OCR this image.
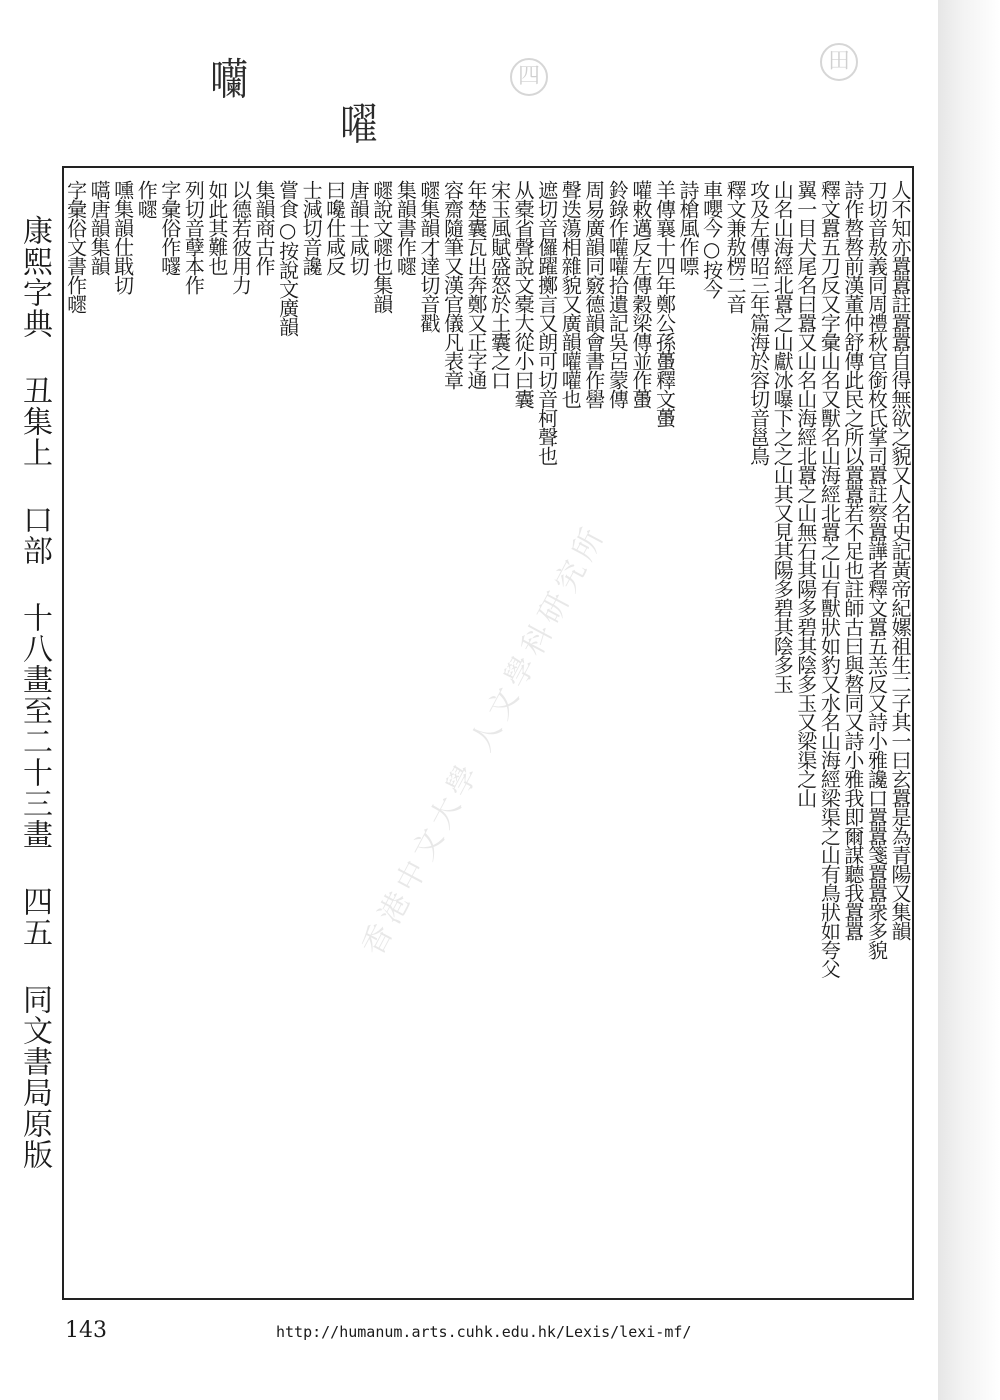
囒
嚁
四
田
康熙字典 丑集上 口部 十八畫至二十三畫 四五 同文書局原版	人不知亦囂囂註囂囂自得無欲之貌又人名史記黃帝紀嫘祖生二子其一曰玄囂是為青陽又集韻
刀切音敖義同周禮秋官銜枚氏掌司囂註察囂譁者釋文囂五羔反又詩小雅讒口囂囂箋囂囂衆多貌
詩作嗸嗸前漢董仲舒傳此民之所以囂囂若不足也註師古曰與嗸同又詩小雅我即爾謀聽我囂囂
釋文囂五刀反又字彙山名又獸名山海經北囂之山有獸狀如豹又水名山海經梁渠之山有鳥狀如夸父
翼一目犬尾名曰囂又山名山海經北囂之山無石其陽多碧其陰多玉又梁渠之山
山名山海經北囂之山獻冰嚗下之之山其又見其陽多碧其陰多玉
攻及左傳昭三年篇海於容切音邕鳥
釋文兼敖楞二音
車嚶今○按今
詩槍風作嘌
羊傳襄十四年鄭公孫蠆釋文蠆
嚾敕邁反左傳穀梁傳並作蠆
鈴錄作嚾嚾拾遺記吳呂蒙傳
周易廣韻同竅德韻會書作嚳
聲迭蕩相雜貌又廣韻嚾嚾也
遮切音儸躍擲言又朗可切音柯聲也
从橐省聲說文橐大從小曰囊
宋玉風賦盛怒於土囊之口
年楚囊瓦出奔鄭又正字通
容齋隨筆又漢官儀凡表章
嚃集韻才達切音戳
集韻書作嚃
嚃說文嚃也集韻
唐韻士咸切
曰嚵仕咸反
士減切音讒
嘗食○按說文廣韻
集韻商古作
以德若彼用力
如此其難也
列切音孽本作
字彙俗作嚺
作嚃
嚑集韻仕戢切
嚆唐韻集韻
字彙俗文書作嚃
香港中文大學 人文學科研究所
143	http://humanum.arts.cuhk.edu.hk/Lexis/lexi-mf/
